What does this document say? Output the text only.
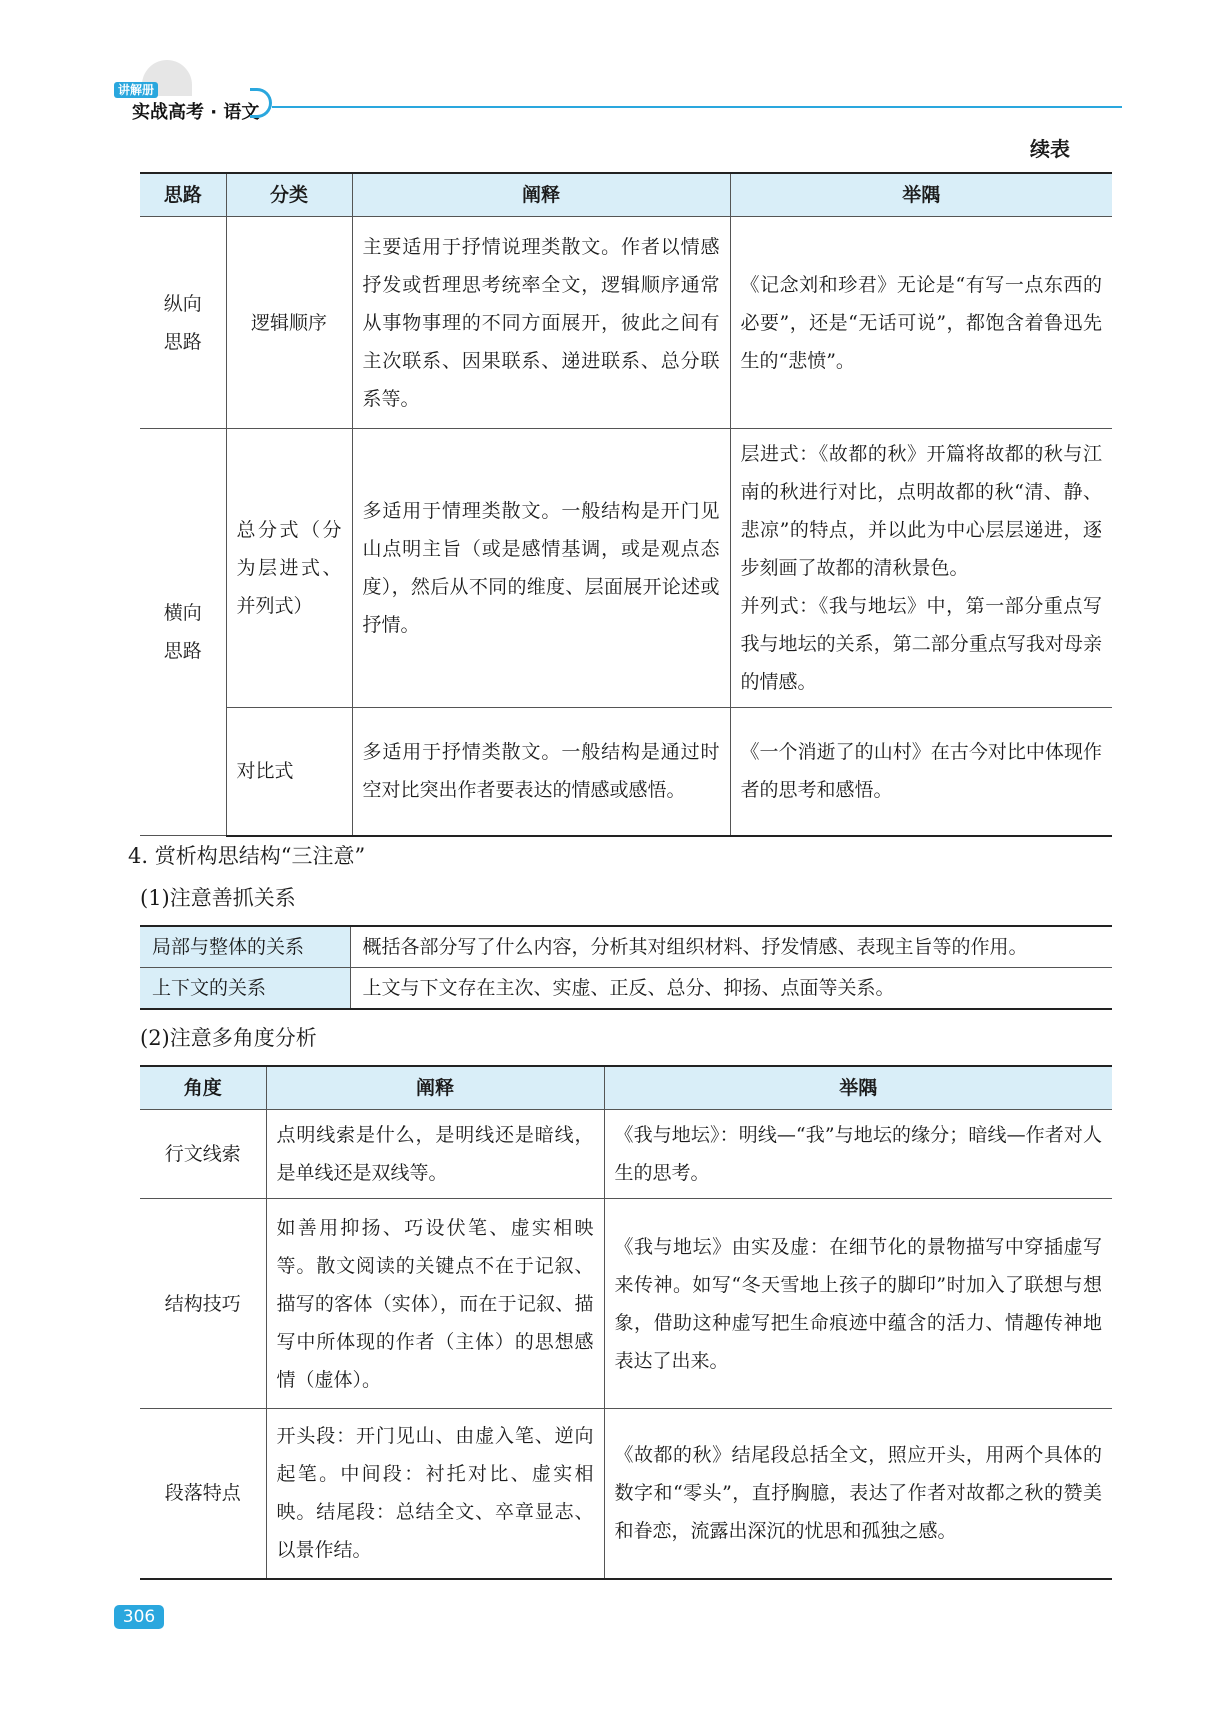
讲解册
实战高考 · 语文
续表
思路	分类	阐释	举隅

纵向思路	逻辑顺序	主要适用于抒情说理类散文。作者以情感抒发或哲理思考统率全文，逻辑顺序通常从事物事理的不同方面展开，彼此之间有主次联系、因果联系、递进联系、总分联系等。	《记念刘和珍君》无论是“有写一点东西的必要”，还是“无话可说”，都饱含着鲁迅先生的“悲愤”。

横向思路	总分式（分为层进式、并列式）	多适用于情理类散文。一般结构是开门见山点明主旨（或是感情基调，或是观点态度），然后从不同的维度、层面展开论述或抒情。	层进式：《故都的秋》开篇将故都的秋与江南的秋进行对比，点明故都的秋“清、静、悲凉”的特点，并以此为中心层层递进，逐步刻画了故都的清秋景色。
并列式：《我与地坛》中，第一部分重点写我与地坛的关系，第二部分重点写我对母亲的情感。

	对比式	多适用于抒情类散文。一般结构是通过时空对比突出作者要表达的情感或感悟。	《一个消逝了的山村》在古今对比中体现作者的思考和感悟。
4. 赏析构思结构“三注意”
(1)注意善抓关系
局部与整体的关系	概括各部分写了什么内容，分析其对组织材料、抒发情感、表现主旨等的作用。
上下文的关系	上文与下文存在主次、实虚、正反、总分、抑扬、点面等关系。
(2)注意多角度分析
角度	阐释	举隅
行文线索	点明线索是什么，是明线还是暗线，是单线还是双线等。	《我与地坛》：明线—“我”与地坛的缘分；暗线—作者对人生的思考。
结构技巧	如善用抑扬、巧设伏笔、虚实相映等。散文阅读的关键点不在于记叙、描写的客体（实体），而在于记叙、描写中所体现的作者（主体）的思想感情（虚体）。	《我与地坛》由实及虚：在细节化的景物描写中穿插虚写来传神。如写“冬天雪地上孩子的脚印”时加入了联想与想象，借助这种虚写把生命痕迹中蕴含的活力、情趣传神地表达了出来。
段落特点	开头段：开门见山、由虚入笔、逆向起笔。中间段：衬托对比、虚实相映。结尾段：总结全文、卒章显志、以景作结。	《故都的秋》结尾段总括全文，照应开头，用两个具体的数字和“零头”，直抒胸臆，表达了作者对故都之秋的赞美和眷恋，流露出深沉的忧思和孤独之感。
306
